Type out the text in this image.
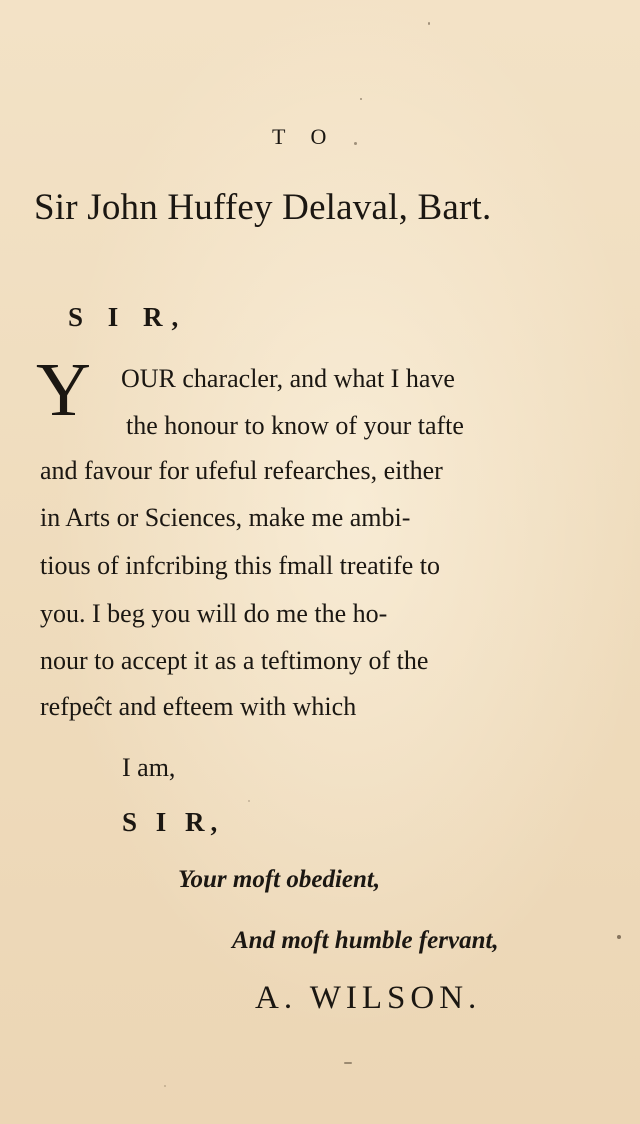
T O
Sir John Huffey Delaval, Bart.
S I R,
Y OUR characler, and what I have
the honour to know of your tafte
and favour for ufeful refearches, either
in Arts or Sciences, make me ambi-
tious of infcribing this fmall treatife to
you. I beg you will do me the ho-
nour to accept it as a teftimony of the
refpeĉt and efteem with which
I am,
S I R,
Your moft obedient,
And moft humble fervant,
A. WILSON.
